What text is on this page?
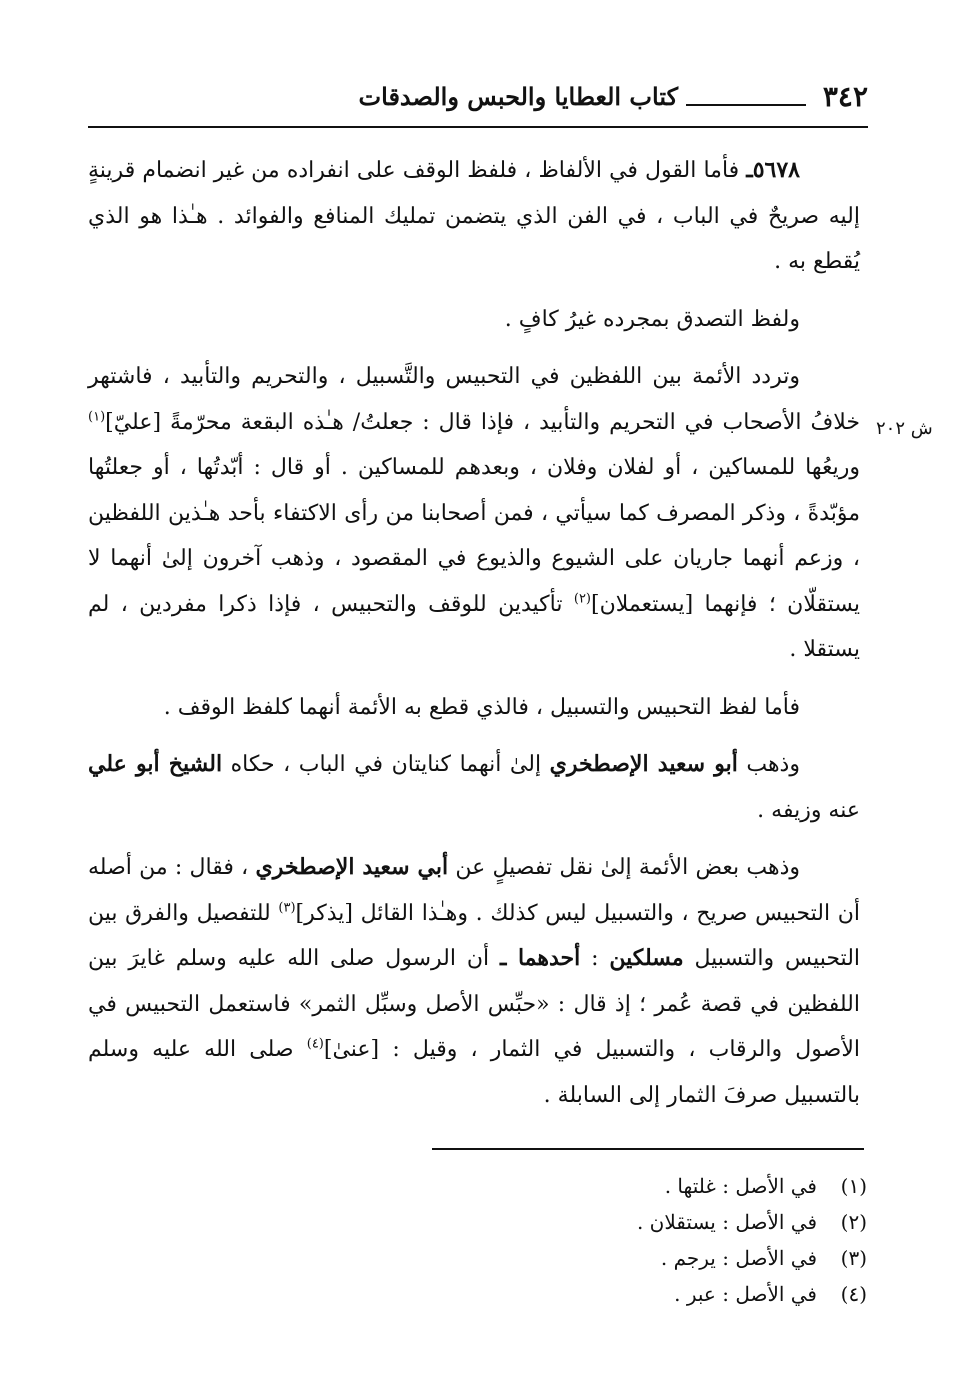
٣٤٢
كتاب العطايا والحبس والصدقات
ش ٢٠٢

٥٦٧٨ـ فأما القول في الألفاظ ، فلفظ الوقف على انفراده من غير انضمام قرينةٍ إليه صريحٌ في الباب ، في الفن الذي يتضمن تمليك المنافع والفوائد . هـٰذا هو الذي يُقطع به .

ولفظ التصدق بمجرده غيرُ كافٍ .

وتردد الأئمة بين اللفظين في التحبيس والتَّسبيل ، والتحريم والتأبيد ، فاشتهر خلافُ الأصحاب في التحريم والتأبيد ، فإذا قال : جعلتُ/ هـٰذه البقعة محرّمةً [عليّ]$^{(١)}$ وريعُها للمساكين ، أو لفلان وفلان ، وبعدهم للمساكين . أو قال : أبّدتُها ، أو جعلتُها مؤبّدةً ، وذكر المصرف كما سيأتي ، فمن أصحابنا من رأى الاكتفاء بأحد هـٰذين اللفظين ، وزعم أنهما جاريان على الشيوع والذيوع في المقصود ، وذهب آخرون إلىٰ أنهما لا يستقلّان ؛ فإنهما [يستعملان]$^{(٢)}$ تأكيدين للوقف والتحبيس ، فإذا ذكرا مفردين ، لم يستقلا .

فأما لفظ التحبيس والتسبيل ، فالذي قطع به الأئمة أنهما كلفظ الوقف .

وذهب أبو سعيد الإصطخري إلىٰ أنهما كنايتان في الباب ، حكاه الشيخ أبو علي عنه وزيفه .

وذهب بعض الأئمة إلىٰ نقل تفصيلٍ عن أبي سعيد الإصطخري ، فقال : من أصله أن التحبيس صريح ، والتسبيل ليس كذلك . وهـٰذا القائل [يذكر]$^{(٣)}$ للتفصيل والفرق بين التحبيس والتسبيل مسلكين : أحدهما ـ أن الرسول صلى الله عليه وسلم غايرَ بين اللفظين في قصة عُمر ؛ إذ قال : «حبِّس الأصل وسبِّل الثمر» فاستعمل التحبيس في الأصول والرقاب ، والتسبيل في الثمار ، وقيل : [عنىٰ]$^{(٤)}$ صلى الله عليه وسلم بالتسبيل صرفَ الثمار إلى السابلة .

(١)في الأصل : غلتها .
(٢)في الأصل : يستقلان .
(٣)في الأصل : يرجم .
(٤)في الأصل : عبر .
